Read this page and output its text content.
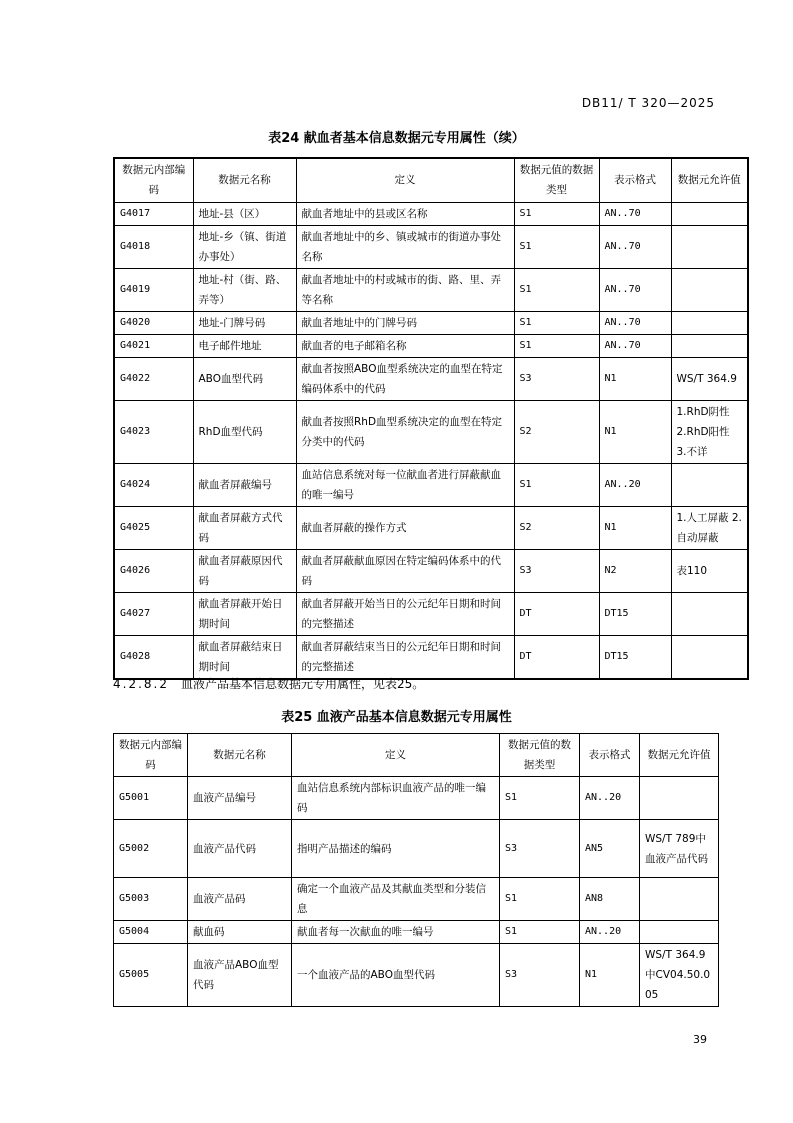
DB11/ T 320—2025
表24 献血者基本信息数据元专用属性（续）
数据元内部编码	数据元名称	定义	数据元值的数据类型	表示格式	数据元允许值
G4017	地址-县（区）	献血者地址中的县或区名称	S1	AN..70	
G4018	地址-乡（镇、街道办事处）	献血者地址中的乡、镇或城市的街道办事处名称	S1	AN..70	
G4019	地址-村（街、路、弄等）	献血者地址中的村或城市的街、路、里、弄等名称	S1	AN..70	
G4020	地址-门牌号码	献血者地址中的门牌号码	S1	AN..70	
G4021	电子邮件地址	献血者的电子邮箱名称	S1	AN..70	
G4022	ABO血型代码	献血者按照ABO血型系统决定的血型在特定编码体系中的代码	S3	N1	WS/T 364.9
G4023	RhD血型代码	献血者按照RhD血型系统决定的血型在特定分类中的代码	S2	N1	1.RhD阴性 2.RhD阳性 3.不详
G4024	献血者屏蔽编号	血站信息系统对每一位献血者进行屏蔽献血的唯一编号	S1	AN..20	
G4025	献血者屏蔽方式代码	献血者屏蔽的操作方式	S2	N1	1.人工屏蔽 2.自动屏蔽
G4026	献血者屏蔽原因代码	献血者屏蔽献血原因在特定编码体系中的代码	S3	N2	表110
G4027	献血者屏蔽开始日期时间	献血者屏蔽开始当日的公元纪年日期和时间的完整描述	DT	DT15	
G4028	献血者屏蔽结束日期时间	献血者屏蔽结束当日的公元纪年日期和时间的完整描述	DT	DT15	
4.2.8.2 血液产品基本信息数据元专用属性，见表25。
表25 血液产品基本信息数据元专用属性
数据元内部编码	数据元名称	定义	数据元值的数据类型	表示格式	数据元允许值
G5001	血液产品编号	血站信息系统内部标识血液产品的唯一编码	S1	AN..20	
G5002	血液产品代码	指明产品描述的编码	S3	AN5	WS/T 789中血液产品代码
G5003	血液产品码	确定一个血液产品及其献血类型和分装信息	S1	AN8	
G5004	献血码	献血者每一次献血的唯一编号	S1	AN..20	
G5005	血液产品ABO血型代码	一个血液产品的ABO血型代码	S3	N1	WS/T 364.9中CV04.50.005
39
